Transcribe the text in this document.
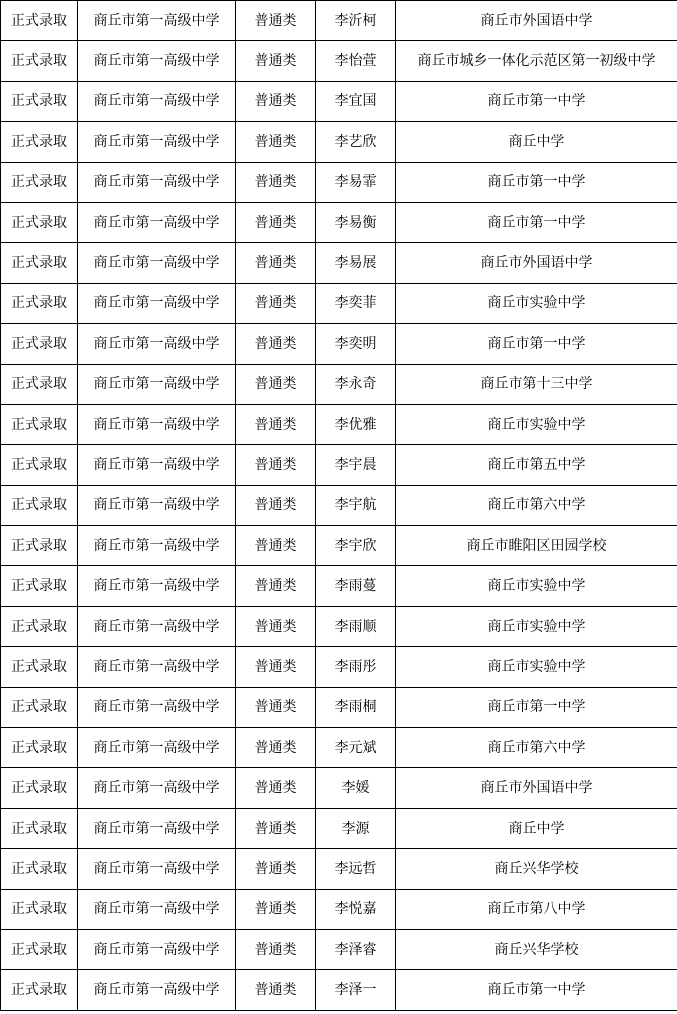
正式录取	商丘市第一高级中学	普通类	李沂柯	商丘市外国语中学
正式录取	商丘市第一高级中学	普通类	李怡萱	商丘市城乡一体化示范区第一初级中学
正式录取	商丘市第一高级中学	普通类	李宜国	商丘市第一中学
正式录取	商丘市第一高级中学	普通类	李艺欣	商丘中学
正式录取	商丘市第一高级中学	普通类	李易霏	商丘市第一中学
正式录取	商丘市第一高级中学	普通类	李易衡	商丘市第一中学
正式录取	商丘市第一高级中学	普通类	李易展	商丘市外国语中学
正式录取	商丘市第一高级中学	普通类	李奕菲	商丘市实验中学
正式录取	商丘市第一高级中学	普通类	李奕明	商丘市第一中学
正式录取	商丘市第一高级中学	普通类	李永奇	商丘市第十三中学
正式录取	商丘市第一高级中学	普通类	李优雅	商丘市实验中学
正式录取	商丘市第一高级中学	普通类	李宇晨	商丘市第五中学
正式录取	商丘市第一高级中学	普通类	李宇航	商丘市第六中学
正式录取	商丘市第一高级中学	普通类	李宇欣	商丘市睢阳区田园学校
正式录取	商丘市第一高级中学	普通类	李雨蔓	商丘市实验中学
正式录取	商丘市第一高级中学	普通类	李雨顺	商丘市实验中学
正式录取	商丘市第一高级中学	普通类	李雨彤	商丘市实验中学
正式录取	商丘市第一高级中学	普通类	李雨桐	商丘市第一中学
正式录取	商丘市第一高级中学	普通类	李元斌	商丘市第六中学
正式录取	商丘市第一高级中学	普通类	李媛	商丘市外国语中学
正式录取	商丘市第一高级中学	普通类	李源	商丘中学
正式录取	商丘市第一高级中学	普通类	李远哲	商丘兴华学校
正式录取	商丘市第一高级中学	普通类	李悦嘉	商丘市第八中学
正式录取	商丘市第一高级中学	普通类	李泽睿	商丘兴华学校
正式录取	商丘市第一高级中学	普通类	李泽一	商丘市第一中学
